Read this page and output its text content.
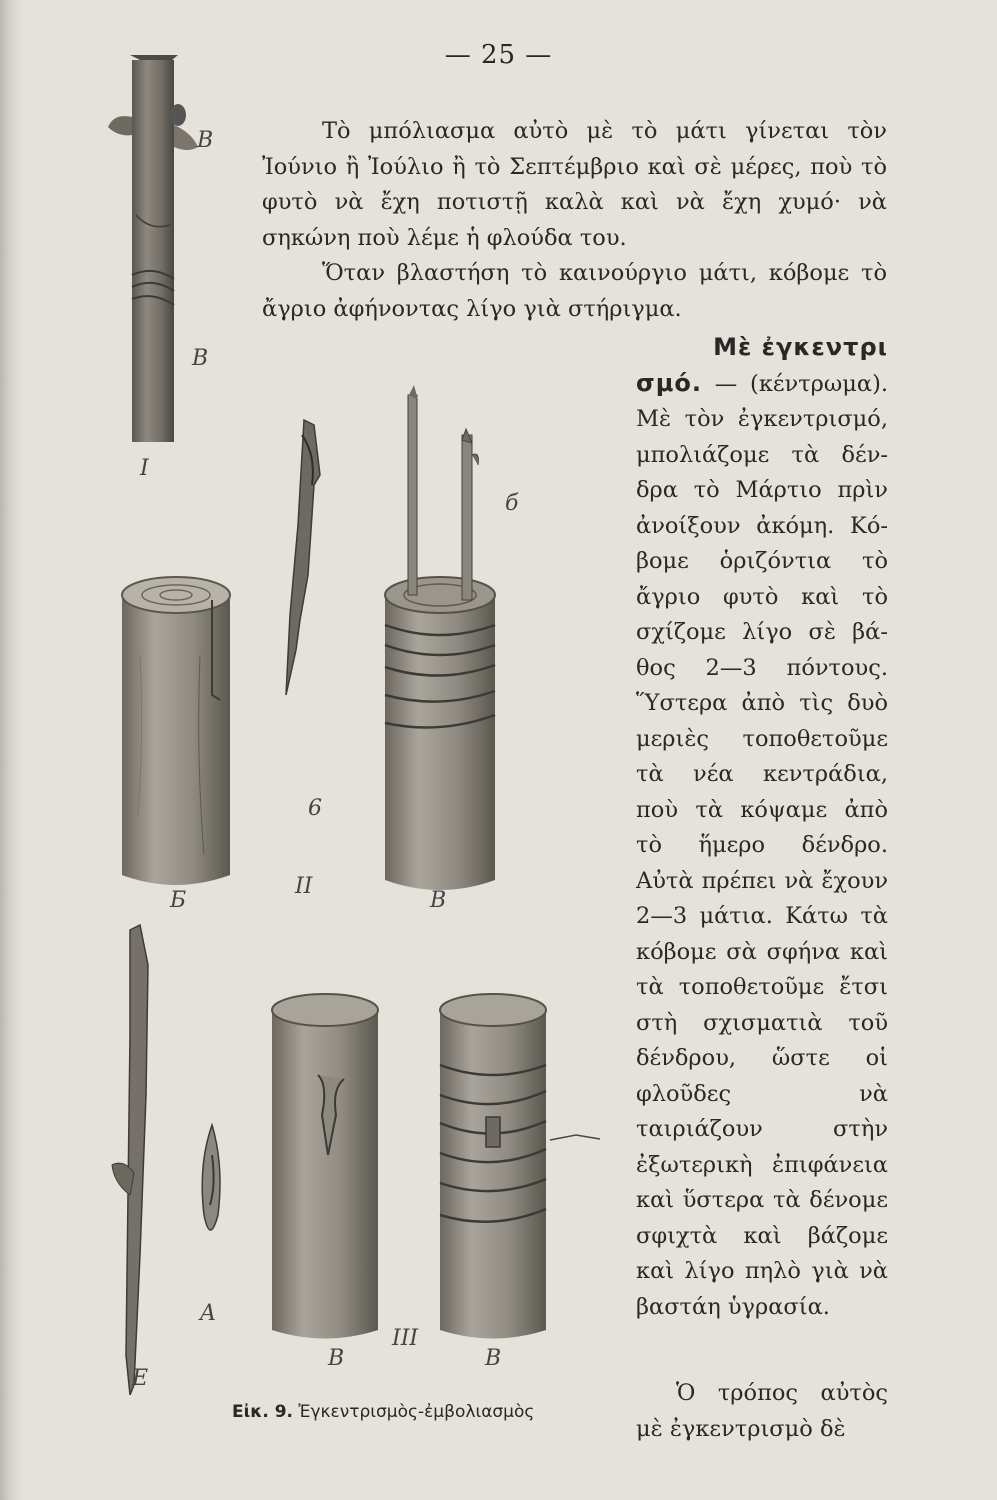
— 25 —

Τὸ μπόλιασμα αὐτὸ μὲ τὸ μάτι γίνεται τὸν Ἰούνιο ἢ Ἰούλιο ἢ τὸ Σεπτέμβριο καὶ σὲ μέρες, ποὺ τὸ φυτὸ νὰ ἔχη ποτιστῇ καλὰ καὶ νὰ ἔχη χυμό· νὰ σηκώνη ποὺ λέμε ἡ φλούδα του.

Ὅταν βλαστήση τὸ καινούργιο μάτι, κόβομε τὸ ἄγριο ἀφήνοντας λίγο γιὰ στήριγμα.

Μὲ ἐγκεντρι
σμό. — (κέντρωμα). Μὲ τὸν ἐγκεντρισμό, μπολιάζομε τὰ δένδρα τὸ Μάρτιο πρὶν ἀνοίξουν ἀκόμη. Κόβομε ὁριζόντια τὸ ἄγριο φυτὸ καὶ τὸ σχίζομε λίγο σὲ βάθος 2—3 πόντους. Ὕστερα ἀπὸ τὶς δυὸ μεριὲς τοποθετοῦμε τὰ νέα κεντράδια, ποὺ τὰ κόψαμε ἀπὸ τὸ ἥμερο δένδρο. Αὐτὰ πρέπει νὰ ἔχουν 2—3 μάτια. Κάτω τὰ κόβομε σὰ σφήνα καὶ τὰ τοποθετοῦμε ἔτσι στὴ σχισματιὰ τοῦ δένδρου, ὥστε οἱ φλοῦδες νὰ ταιριάζουν στὴν ἐξωτερικὴ ἐπιφάνεια καὶ ὕστερα τὰ δένομε σφιχτὰ καὶ βάζομε καὶ λίγο πηλὸ γιὰ νὰ βαστάη ὑγρασία.

Ὁ τρόπος αὐτὸς μὲ ἐγκεντρισμὸ δὲ

Εἰκ. 9. Ἐγκεντρισμὸς-ἐμβολιασμὸς
B
B
I
Б
6
II
б
B
A
Е
B
III
B
